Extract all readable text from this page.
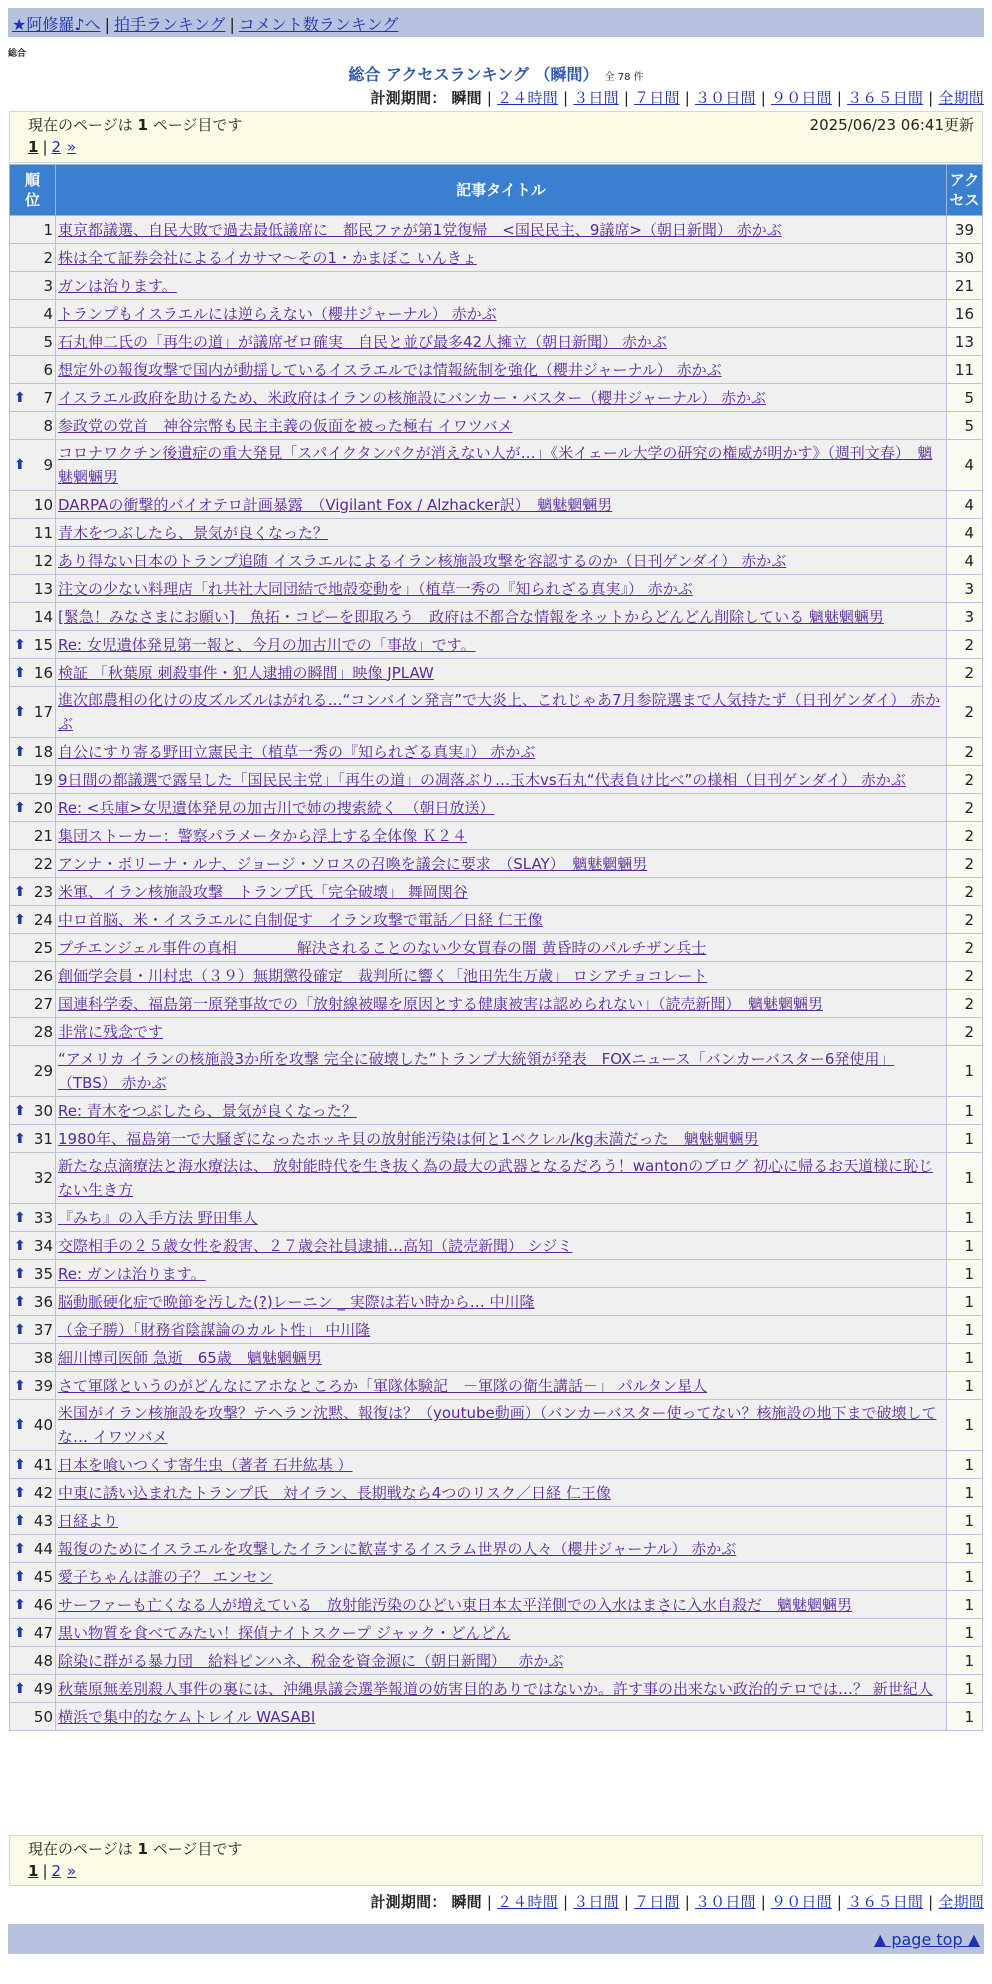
★阿修羅♪へ | 拍手ランキング | コメント数ランキング
総合
総合 アクセスランキング （瞬間） 全 78 件
計測期間： 瞬間 | ２４時間 | ３日間 | ７日間 | ３０日間 | ９０日間 | ３６５日間 | 全期間
現在のページは 1 ページ目です	2025/06/23 06:41更新
1 | 2 »
順
位	記事タイトル	アク
セス
1	東京都議選、自民大敗で過去最低議席に　都民ファが第1党復帰　<国民民主、9議席>（朝日新聞） 赤かぶ	39
2	株は全て証券会社によるイカサマ〜その1・かまぼこ いんきょ	30
3	ガンは治ります。	21
4	トランプもイスラエルには逆らえない（櫻井ジャーナル） 赤かぶ	16
5	石丸伸二氏の「再生の道」が議席ゼロ確実　自民と並び最多42人擁立（朝日新聞） 赤かぶ	13
6	想定外の報復攻撃で国内が動揺しているイスラエルでは情報統制を強化（櫻井ジャーナル） 赤かぶ	11

⬆ 7	イスラエル政府を助けるため、米政府はイランの核施設にバンカー・バスター（櫻井ジャーナル） 赤かぶ	5
8	参政党の党首　神谷宗幣も民主主義の仮面を被った極右 イワツバメ	5

⬆ 9	コロナワクチン後遺症の重大発見「スパイクタンパクが消えない人が…」《米イェール大学の研究の権威が明かす》（週刊文春）　魑魅魍魎男	4
10	DARPAの衝撃的バイオテロ計画暴露　（Vigilant Fox / Alzhacker訳）　魑魅魍魎男	4
11	青木をつぶしたら、景気が良くなった？	4
12	あり得ない日本のトランプ追随 イスラエルによるイラン核施設攻撃を容認するのか（日刊ゲンダイ） 赤かぶ	4
13	注文の少ない料理店「れ共社大同団結で地殻変動を」（植草一秀の『知られざる真実』） 赤かぶ	3
14	[緊急！みなさまにお願い]　魚拓・コピーを即取ろう　政府は不都合な情報をネットからどんどん削除している 魑魅魍魎男	3

⬆ 15	Re: 女児遺体発見第一報と、今月の加古川での「事故」です。	2

⬆ 16	検証 「秋葉原 刺殺事件・犯人逮捕の瞬間」映像 JPLAW	2

⬆ 17	進次郎農相の化けの皮ズルズルはがれる…“コンバイン発言”で大炎上、これじゃあ7月参院選まで人気持たず（日刊ゲンダイ） 赤かぶ	2

⬆ 18	自公にすり寄る野田立憲民主（植草一秀の『知られざる真実』） 赤かぶ	2
19	9日間の都議選で露呈した「国民民主党」「再生の道」の凋落ぶり…玉木vs石丸“代表負け比べ”の様相（日刊ゲンダイ） 赤かぶ	2

⬆ 20	Re: <兵庫>女児遺体発見の加古川で姉の捜索続く　（朝日放送）	2
21	集団ストーカー：警察パラメータから浮上する全体像 Ｋ２４	2
22	アンナ・ボリーナ・ルナ、ジョージ・ソロスの召喚を議会に要求　（SLAY）　魑魅魍魎男	2

⬆ 23	米軍、イラン核施設攻撃　トランプ氏「完全破壊」 舞岡関谷	2

⬆ 24	中ロ首脳、米・イスラエルに自制促す　イラン攻撃で電話／日経 仁王像	2
25	プチエンジェル事件の真相　　　　解決されることのない少女買春の闇 黄昏時のパルチザン兵士	2
26	創価学会員・川村忠（３９）無期懲役確定　裁判所に響く「池田先生万歳」 ロシアチョコレート	2
27	国連科学委、福島第一原発事故での「放射線被曝を原因とする健康被害は認められない」（読売新聞）　魑魅魍魎男	2
28	非常に残念です	2
29	“アメリカ イランの核施設3か所を攻撃 完全に破壊した”トランプ大統領が発表　FOXニュース「バンカーバスター6発使用」（TBS） 赤かぶ	1

⬆ 30	Re: 青木をつぶしたら、景気が良くなった？	1

⬆ 31	1980年、福島第一で大騒ぎになったホッキ貝の放射能汚染は何と1ベクレル/kg未満だった　魑魅魍魎男	1
32	新たな点滴療法と海水療法は、 放射能時代を生き抜く為の最大の武器となるだろう！wantonのブログ 初心に帰るお天道様に恥じない生き方	1

⬆ 33	『みち』の入手方法 野田隼人	1

⬆ 34	交際相手の２５歳女性を殺害、２７歳会社員逮捕…高知（読売新聞） シジミ	1

⬆ 35	Re: ガンは治ります。	1

⬆ 36	脳動脈硬化症で晩節を汚した(?)レーニン _ 実際は若い時から… 中川隆	1

⬆ 37	（金子勝）「財務省陰謀論のカルト性」 中川隆	1
38	細川博司医師 急逝　65歳　魑魅魍魎男	1

⬆ 39	さて軍隊というのがどんなにアホなところか「軍隊体験記　－軍隊の衛生講話－」 パルタン星人	1

⬆ 40	米国がイラン核施設を攻撃？テヘラン沈黙、報復は？（youtube動画）（バンカーバスター使ってない？核施設の地下まで破壊してな… イワツバメ	1

⬆ 41	日本を喰いつくす寄生虫（著者 石井紘基 ）	1

⬆ 42	中東に誘い込まれたトランプ氏　対イラン、長期戦なら4つのリスク／日経 仁王像	1

⬆ 43	日経より	1

⬆ 44	報復のためにイスラエルを攻撃したイランに歓喜するイスラム世界の人々（櫻井ジャーナル） 赤かぶ	1

⬆ 45	愛子ちゃんは誰の子？ エンセン	1

⬆ 46	サーファーも亡くなる人が増えている　放射能汚染のひどい東日本太平洋側での入水はまさに入水自殺だ　魑魅魍魎男	1

⬆ 47	黒い物質を食べてみたい！探偵ナイトスクープ ジャック・どんどん	1
48	除染に群がる暴力団　給料ピンハネ、税金を資金源に（朝日新聞）　 赤かぶ	1

⬆ 49	秋葉原無差別殺人事件の裏には、沖縄県議会選挙報道の妨害目的ありではないか。許す事の出来ない政治的テロでは…？ 新世紀人	1
50	横浜で集中的なケムトレイル WASABI	1
現在のページは 1 ページ目です
1 | 2 »
計測期間： 瞬間 | ２４時間 | ３日間 | ７日間 | ３０日間 | ９０日間 | ３６５日間 | 全期間
▲ page top ▲
